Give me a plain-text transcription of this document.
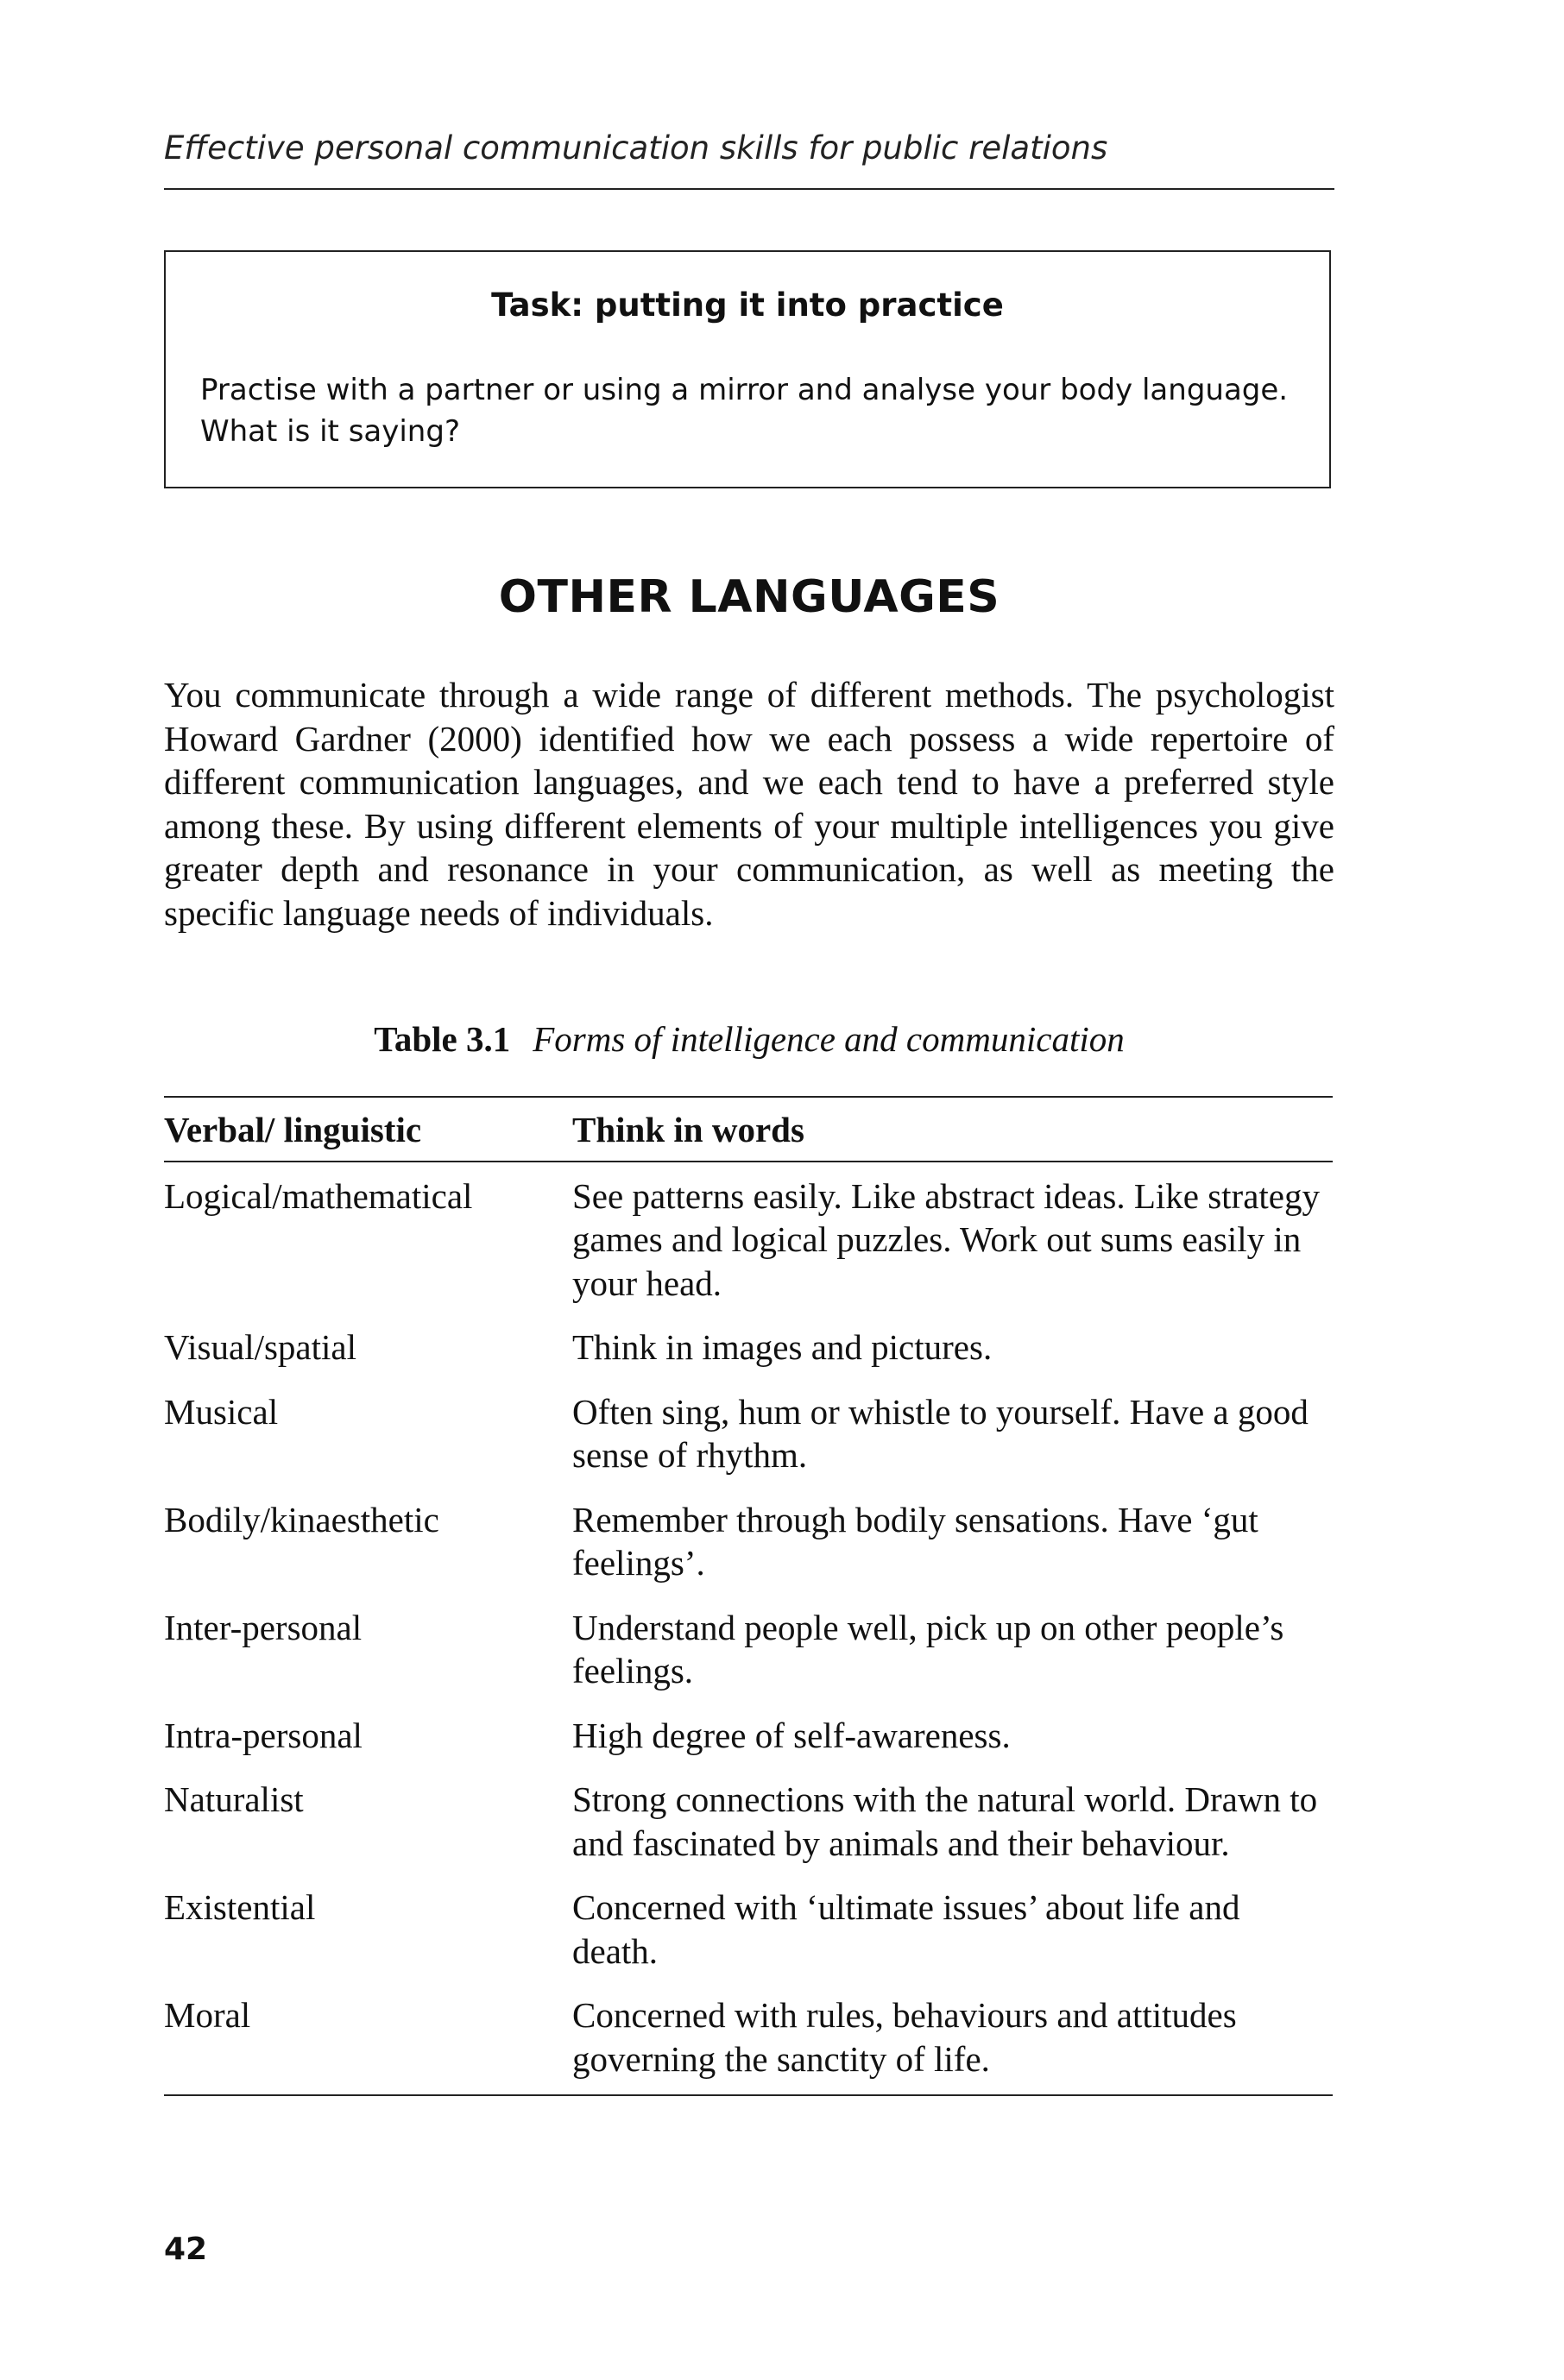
Effective personal communication skills for public relations
Task: putting it into practice
Practise with a partner or using a mirror and analyse your body language.
What is it saying?
OTHER LANGUAGES
You communicate through a wide range of different methods. The psychologist Howard Gardner (2000) identified how we each possess a wide repertoire of different communication languages, and we each tend to have a preferred style among these. By using different elements of your multiple intelligences you give greater depth and resonance in your communication, as well as meeting the specific language needs of individuals.
Table 3.1 Forms of intelligence and communication
Verbal/ linguistic	Think in words
Logical/mathematical	See patterns easily. Like abstract ideas. Like strategy games and logical puzzles. Work out sums easily in your head.
Visual/spatial	Think in images and pictures.
Musical	Often sing, hum or whistle to yourself. Have a good sense of rhythm.
Bodily/kinaesthetic	Remember through bodily sensations. Have ‘gut feelings’.
Inter-personal	Understand people well, pick up on other people’s feelings.
Intra-personal	High degree of self-awareness.
Naturalist	Strong connections with the natural world. Drawn to and fascinated by animals and their behaviour.
Existential	Concerned with ‘ultimate issues’ about life and death.
Moral	Concerned with rules, behaviours and attitudes governing the sanctity of life.
42
